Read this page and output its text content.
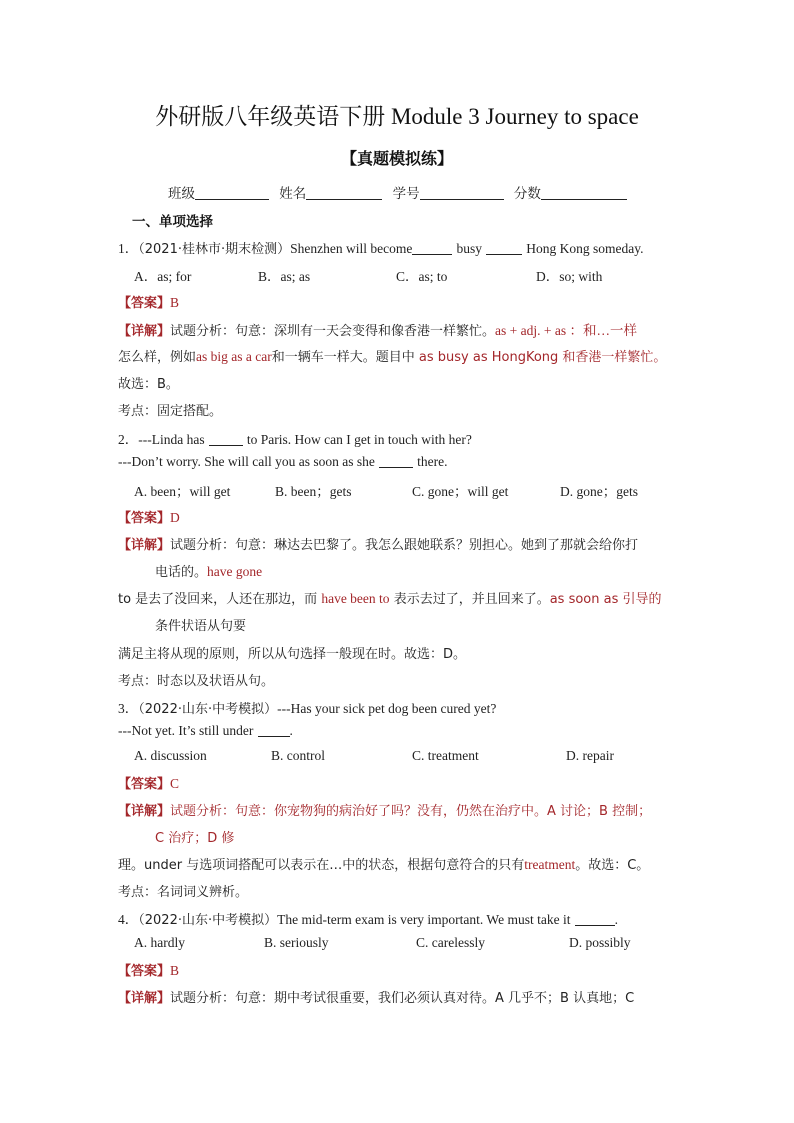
外研版八年级英语下册 Module 3 Journey to space
【真题模拟练】
班级	姓名	学号	分数
一、单项选择
1．（2021·桂林市·期末检测）Shenzhen will become	busy	Hong Kong someday.
A．as; for	B．as; as	C．as; to	D．so; with
【答案】B
【详解】试题分析：句意：深圳有一天会变得和像香港一样繁忙。as + adj. + as ：和…一样
怎么样，例如as big as a car和一辆车一样大。题目中 as busy as HongKong 和香港一样繁忙。
故选：B。
考点：固定搭配。
2．---Linda has	to Paris. How can I get in touch with her?
---Don’t worry. She will call you as soon as she	there.
A. been；will get	B. been；gets	C. gone；will get	D. gone；gets
【答案】D
【详解】试题分析：句意：琳达去巴黎了。我怎么跟她联系？别担心。她到了那就会给你打
电话的。have gone
to 是去了没回来，人还在那边，而 have been to 表示去过了，并且回来了。as soon as 引导的
条件状语从句要
满足主将从现的原则，所以从句选择一般现在时。故选：D。
考点：时态以及状语从句。
3．（2022·山东·中考模拟）---Has your sick pet dog been cured yet?
---Not yet. It’s still under	.
A. discussion	B. control	C. treatment	D. repair
【答案】C
【详解】试题分析：句意：你宠物狗的病治好了吗？没有，仍然在治疗中。A 讨论；B 控制；
C 治疗；D 修
理。under 与选项词搭配可以表示在…中的状态，根据句意符合的只有treatment。故选：C。
考点：名词词义辨析。
4．（2022·山东·中考模拟）The mid-term exam is very important. We must take it	.
A. hardly	B. seriously	C. carelessly	D. possibly
【答案】B
【详解】试题分析：句意：期中考试很重要，我们必须认真对待。A 几乎不；B 认真地；C
